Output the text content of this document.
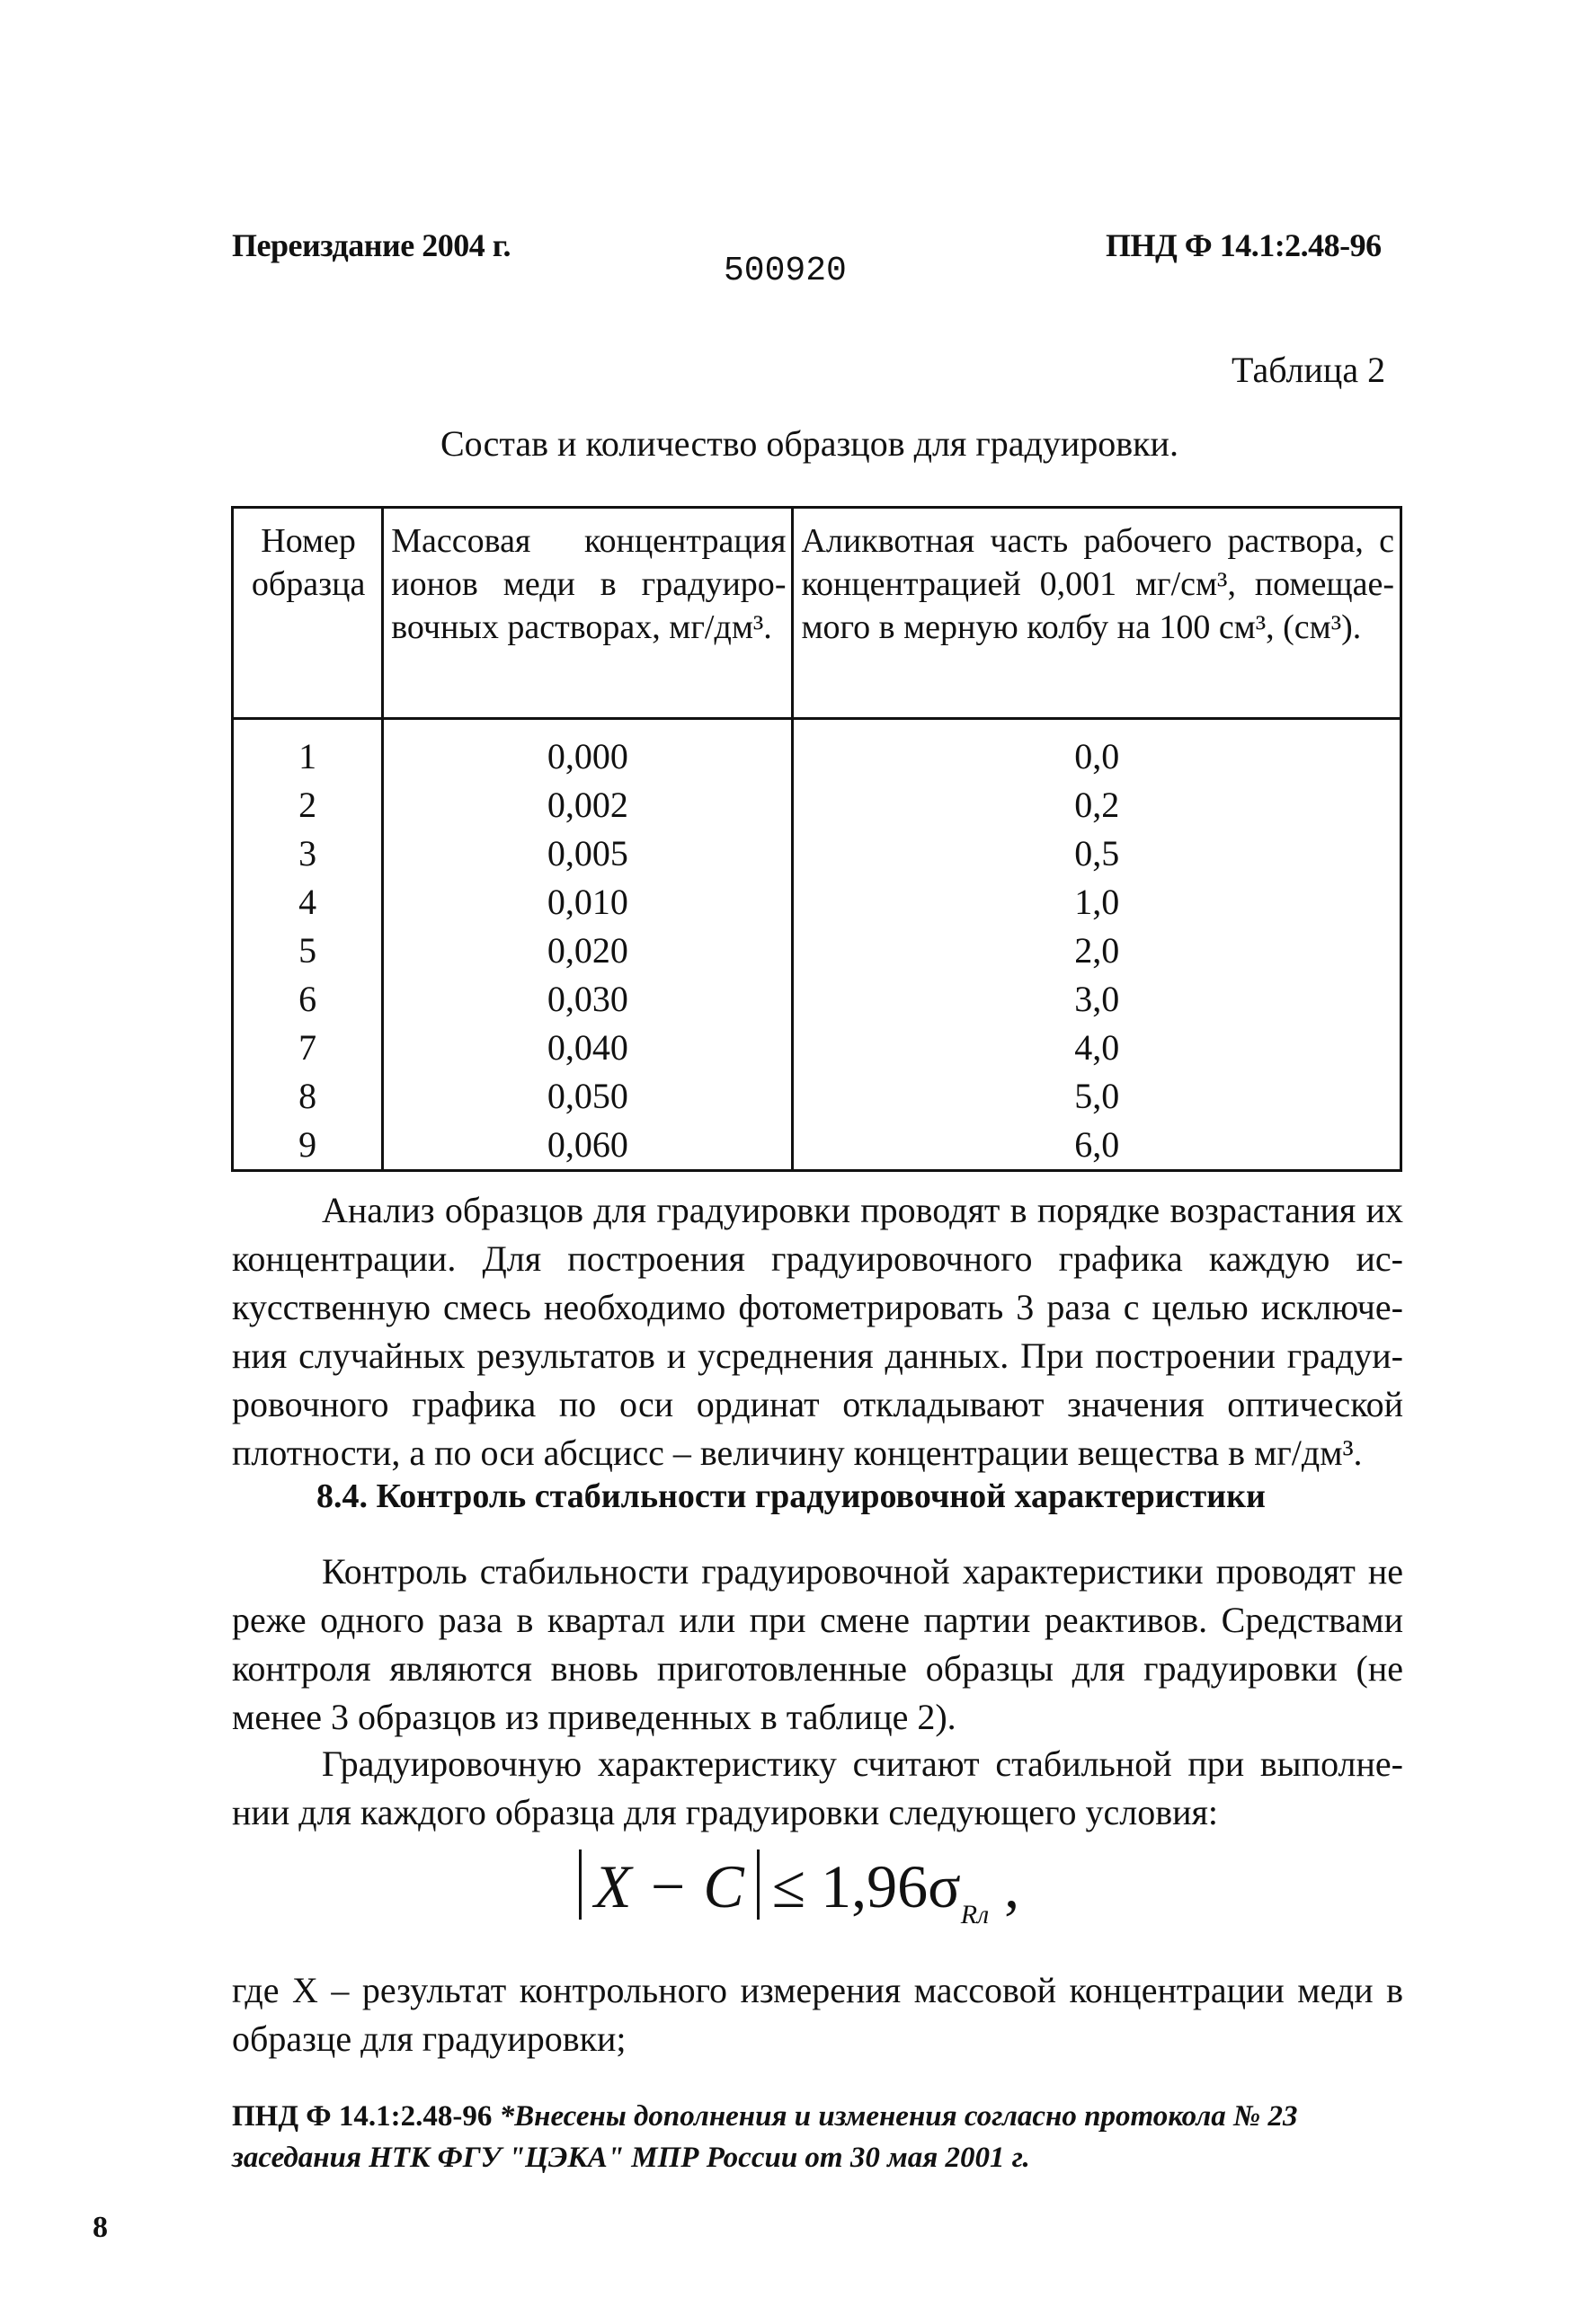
Переиздание 2004 г.
500920
ПНД Ф 14.1:2.48-96
Таблица 2
Состав и количество образцов для градуировки.
Номер образца	Массовая концентрация ионов меди в градуировочных растворах, мг/дм³.	Аликвотная часть рабочего раствора, с концентрацией 0,001 мг/см³, помещаемого в мерную колбу на 100 см³, (см³).
1	0,000	0,0
2	0,002	0,2
3	0,005	0,5
4	0,010	1,0
5	0,020	2,0
6	0,030	3,0
7	0,040	4,0
8	0,050	5,0
9	0,060	6,0
Анализ образцов для градуировки проводят в порядке возрастания их концентрации. Для построения градуировочного графика каждую искусственную смесь необходимо фотометрировать 3 раза с целью исключения случайных результатов и усреднения данных. При построении градуировочного графика по оси ординат откладывают значения оптической плотности, а по оси абсцисс – величину концентрации вещества в мг/дм³.
8.4. Контроль стабильности градуировочной характеристики
Контроль стабильности градуировочной характеристики проводят не реже одного раза в квартал или при смене партии реактивов. Средствами контроля являются вновь приготовленные образцы для градуировки (не менее 3 образцов из приведенных в таблице 2).
Градуировочную характеристику считают стабильной при выполнении для каждого образца для градуировки следующего условия:
$X - C \le 1,96\sigma_{Rл}$ ,
где X – результат контрольного измерения массовой концентрации меди в образце для градуировки;
ПНД Ф 14.1:2.48-96 *Внесены дополнения и изменения согласно протокола № 23 заседания НТК ФГУ "ЦЭКА" МПР России от 30 мая 2001 г.
8
